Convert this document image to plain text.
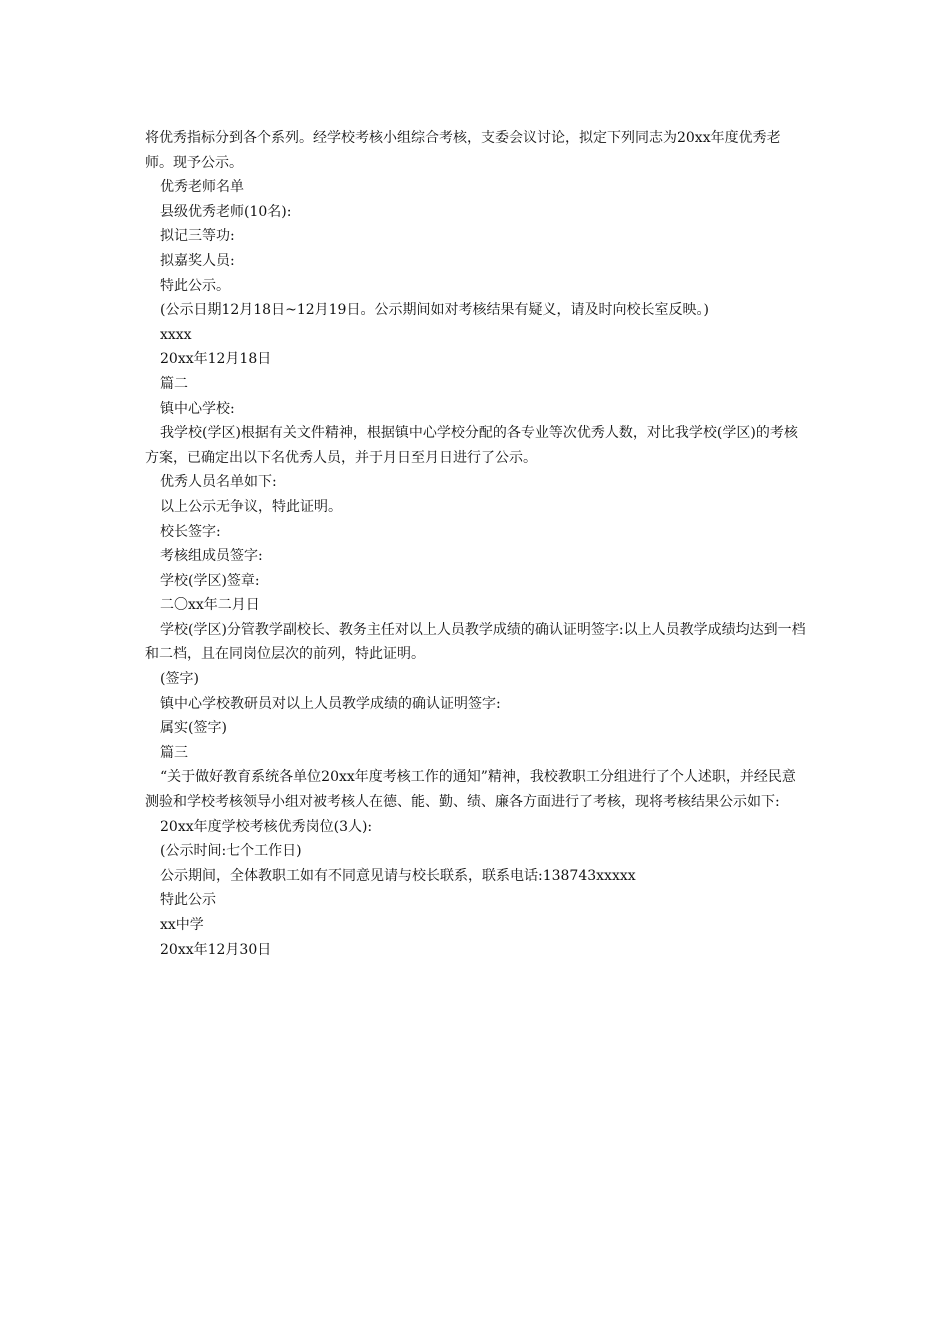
将优秀指标分到各个系列。经学校考核小组综合考核，支委会议讨论，拟定下列同志为20xx年度优秀老师。现予公示。

优秀老师名单

县级优秀老师(10名):

拟记三等功:

拟嘉奖人员:

特此公示。

(公示日期12月18日~12月19日。公示期间如对考核结果有疑义，请及时向校长室反映。)

xxxx

20xx年12月18日

篇二

镇中心学校:

我学校(学区)根据有关文件精神，根据镇中心学校分配的各专业等次优秀人数，对比我学校(学区)的考核方案，已确定出以下名优秀人员，并于月日至月日进行了公示。

优秀人员名单如下:

以上公示无争议，特此证明。

校长签字:

考核组成员签字:

学校(学区)签章:

二〇xx年二月日

学校(学区)分管教学副校长、教务主任对以上人员教学成绩的确认证明签字:以上人员教学成绩均达到一档和二档，且在同岗位层次的前列，特此证明。

(签字)

镇中心学校教研员对以上人员教学成绩的确认证明签字:

属实(签字)

篇三

“关于做好教育系统各单位20xx年度考核工作的通知”精神，我校教职工分组进行了个人述职，并经民意测验和学校考核领导小组对被考核人在德、能、勤、绩、廉各方面进行了考核，现将考核结果公示如下:

20xx年度学校考核优秀岗位(3人):

(公示时间:七个工作日)

公示期间，全体教职工如有不同意见请与校长联系，联系电话:138743xxxxx

特此公示

xx中学

20xx年12月30日
